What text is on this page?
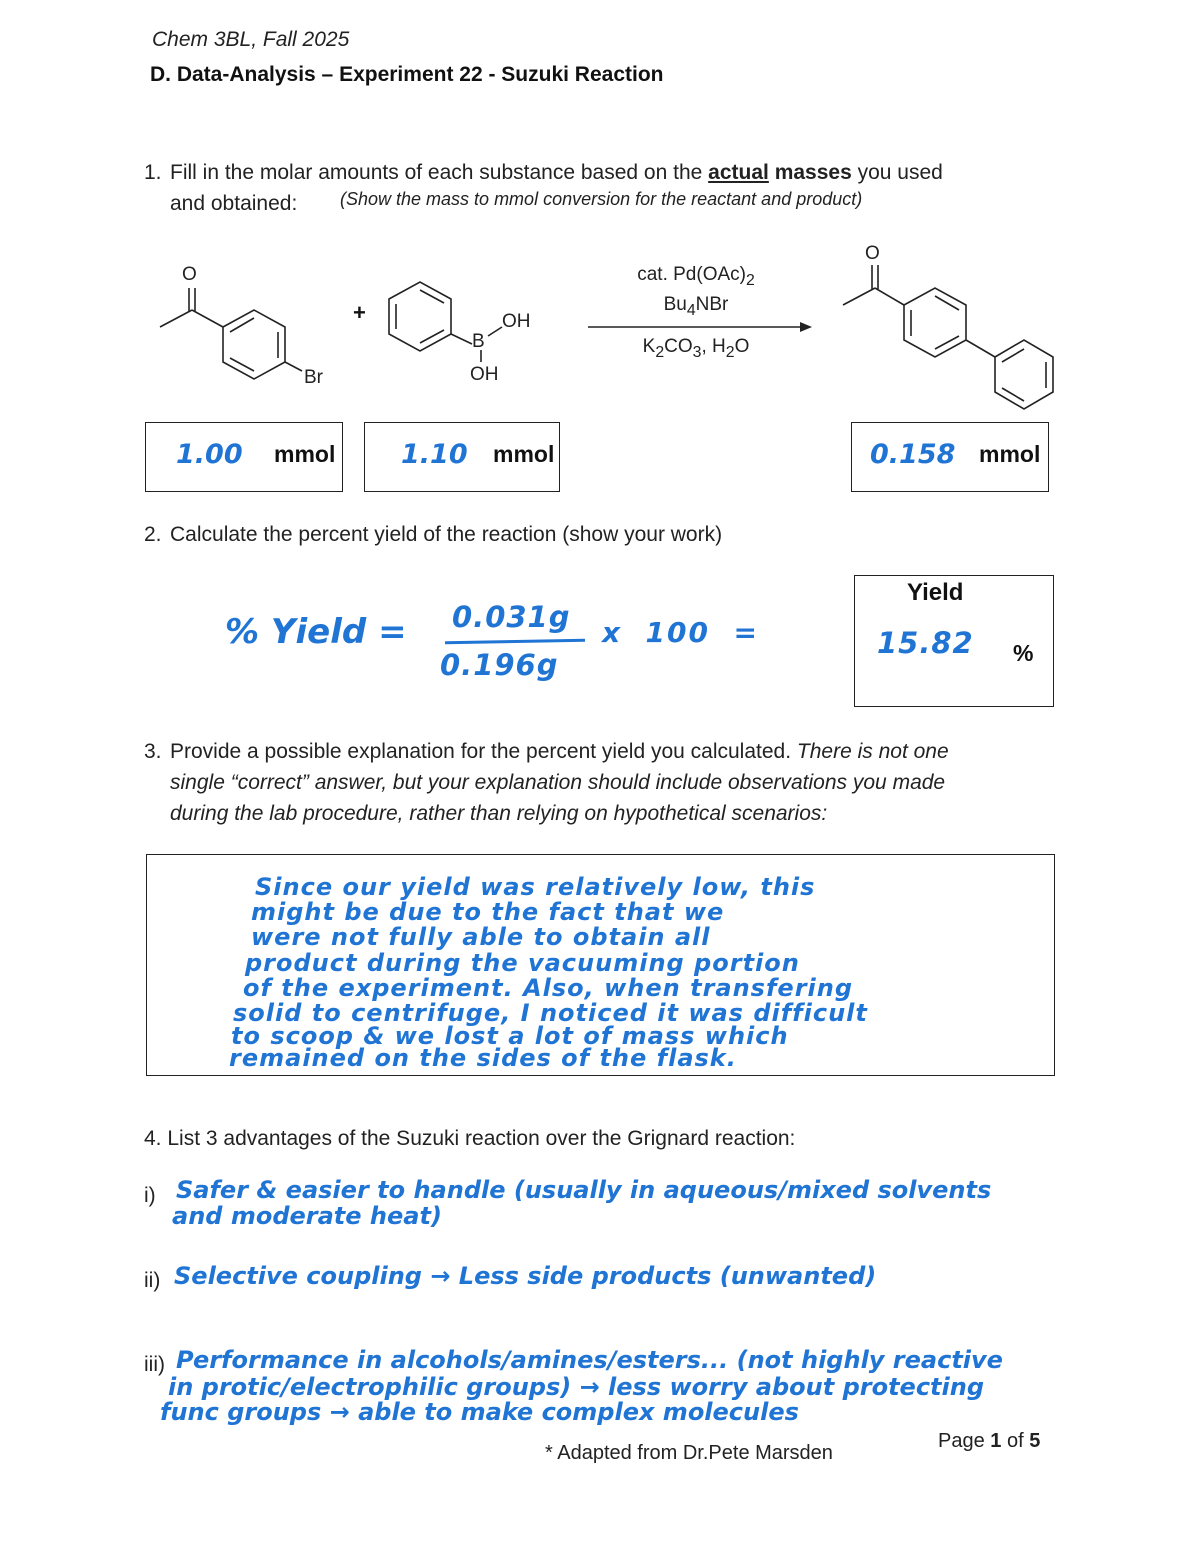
Chem 3BL, Fall 2025
D. Data-Analysis – Experiment 22 - Suzuki Reaction
1. Fill in the molar amounts of each substance based on the actual masses you used
and obtained:	(Show the mass to mmol conversion for the reactant and product)
O
Br
B
OH
OH
O
+
cat. $Pd(OAc)_2$
$Bu_4NBr$
$K_2CO_3$, $H_2O$
1.00 mmol 1.10 mmol	0.158 mmol
2. Calculate the percent yield of the reaction (show your work)
% Yield = 0.031g
0.196g
x  100  =
Yield
15.82 %
3. Provide a possible explanation for the percent yield you calculated. There is not one
single “correct” answer, but your explanation should include observations you made
during the lab procedure, rather than relying on hypothetical scenarios:
Since our yield was relatively low, this
might be due to the fact that we
were not fully able to obtain all
product during the vacuuming portion
of the experiment. Also, when transfering
solid to centrifuge, I noticed it was difficult
to scoop & we lost a lot of mass which
remained on the sides of the flask.
4. List 3 advantages of the Suzuki reaction over the Grignard reaction:
i) Safer & easier to handle (usually in aqueous/mixed solvents
and moderate heat)
ii) Selective coupling → Less side products (unwanted)
iii) Performance in alcohols/amines/esters... (not highly reactive
in protic/electrophilic groups) → less worry about protecting
func groups → able to make complex molecules
* Adapted from Dr.Pete Marsden
Page 1 of 5
